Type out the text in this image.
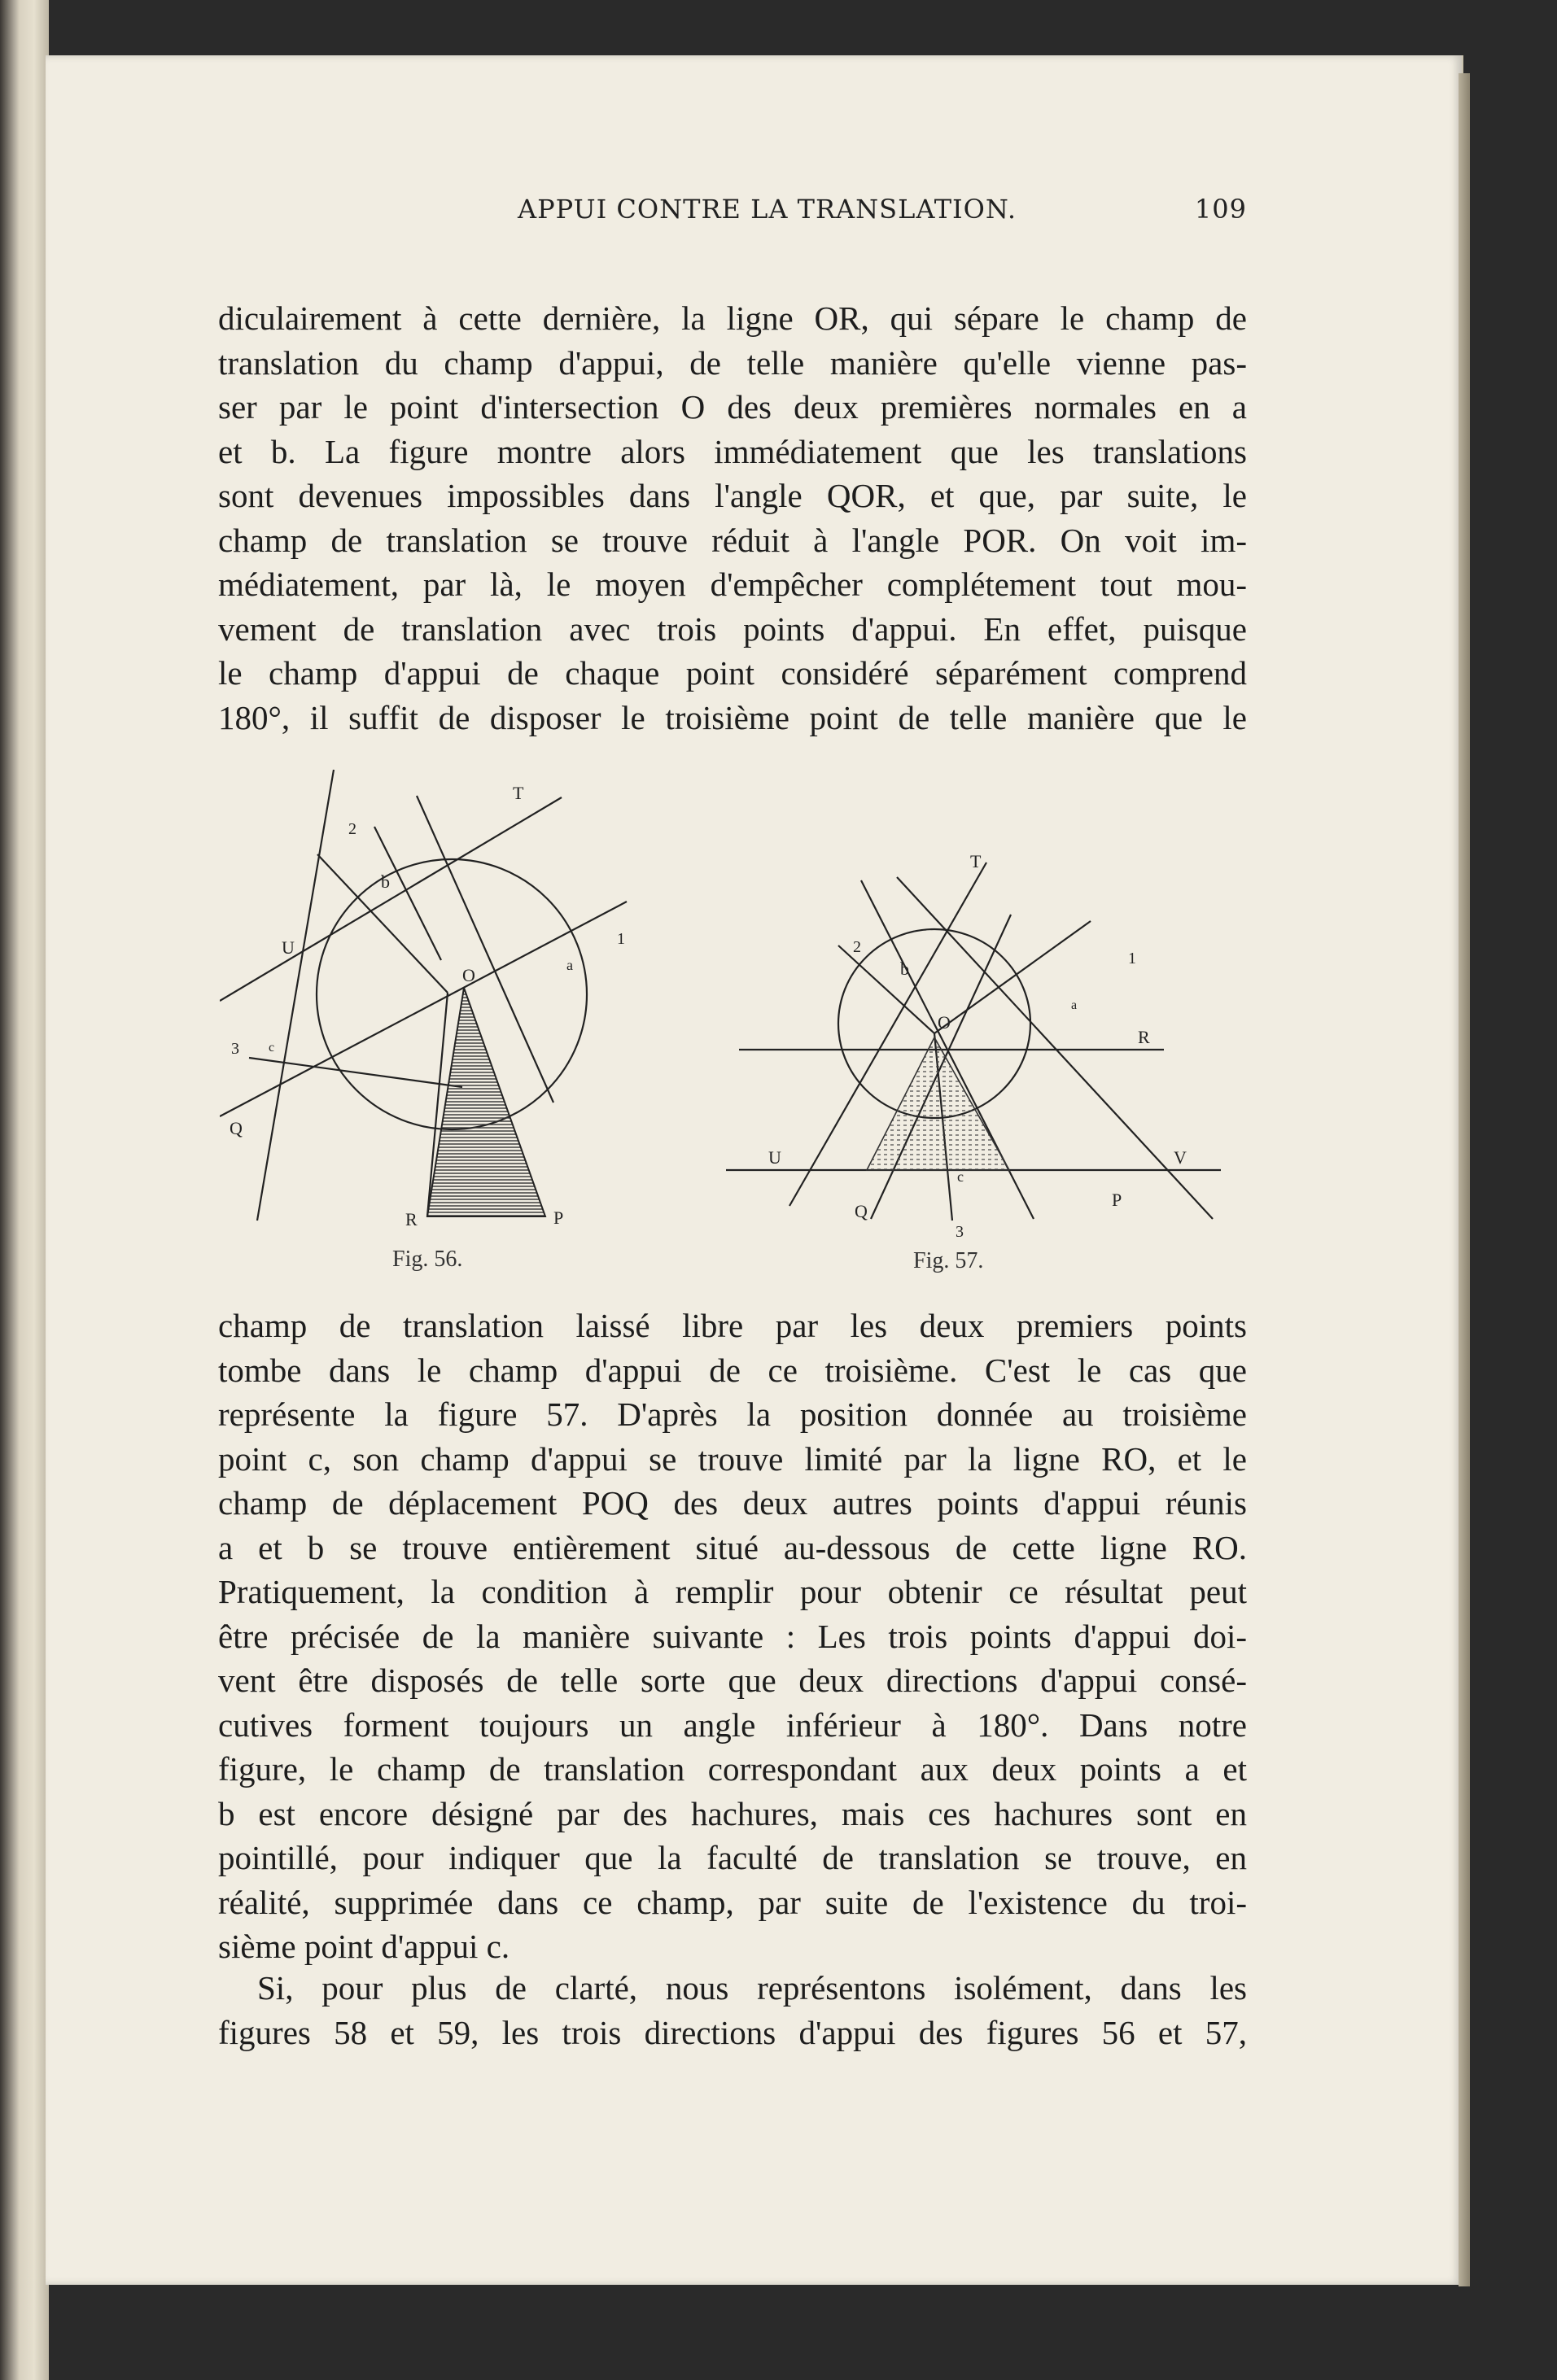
APPUI CONTRE LA TRANSLATION.	109
diculairement à cette dernière, la ligne OR, qui sépare le champ de
translation du champ d'appui, de telle manière qu'elle vienne pas-
ser par le point d'intersection O des deux premières normales en a
et b. La figure montre alors immédiatement que les translations
sont devenues impossibles dans l'angle QOR, et que, par suite, le
champ de translation se trouve réduit à l'angle POR. On voit im-
médiatement, par là, le moyen d'empêcher complétement tout mou-
vement de translation avec trois points d'appui. En effet, puisque
le champ d'appui de chaque point considéré séparément comprend
180°, il suffit de disposer le troisième point de telle manière que le
T
2
b
U
O	a
1
3 c
Q
R	P
Fig. 56.
T
2
b
O
1
a
R
U	V
c
Q
3
P
Fig. 57.
champ de translation laissé libre par les deux premiers points
tombe dans le champ d'appui de ce troisième. C'est le cas que
représente la figure 57. D'après la position donnée au troisième
point c, son champ d'appui se trouve limité par la ligne RO, et le
champ de déplacement POQ des deux autres points d'appui réunis
a et b se trouve entièrement situé au-dessous de cette ligne RO.
Pratiquement, la condition à remplir pour obtenir ce résultat peut
être précisée de la manière suivante : Les trois points d'appui doi-
vent être disposés de telle sorte que deux directions d'appui consé-
cutives forment toujours un angle inférieur à 180°. Dans notre
figure, le champ de translation correspondant aux deux points a et
b est encore désigné par des hachures, mais ces hachures sont en
pointillé, pour indiquer que la faculté de translation se trouve, en
réalité, supprimée dans ce champ, par suite de l'existence du troi-
sième point d'appui c.
Si, pour plus de clarté, nous représentons isolément, dans les
figures 58 et 59, les trois directions d'appui des figures 56 et 57,
